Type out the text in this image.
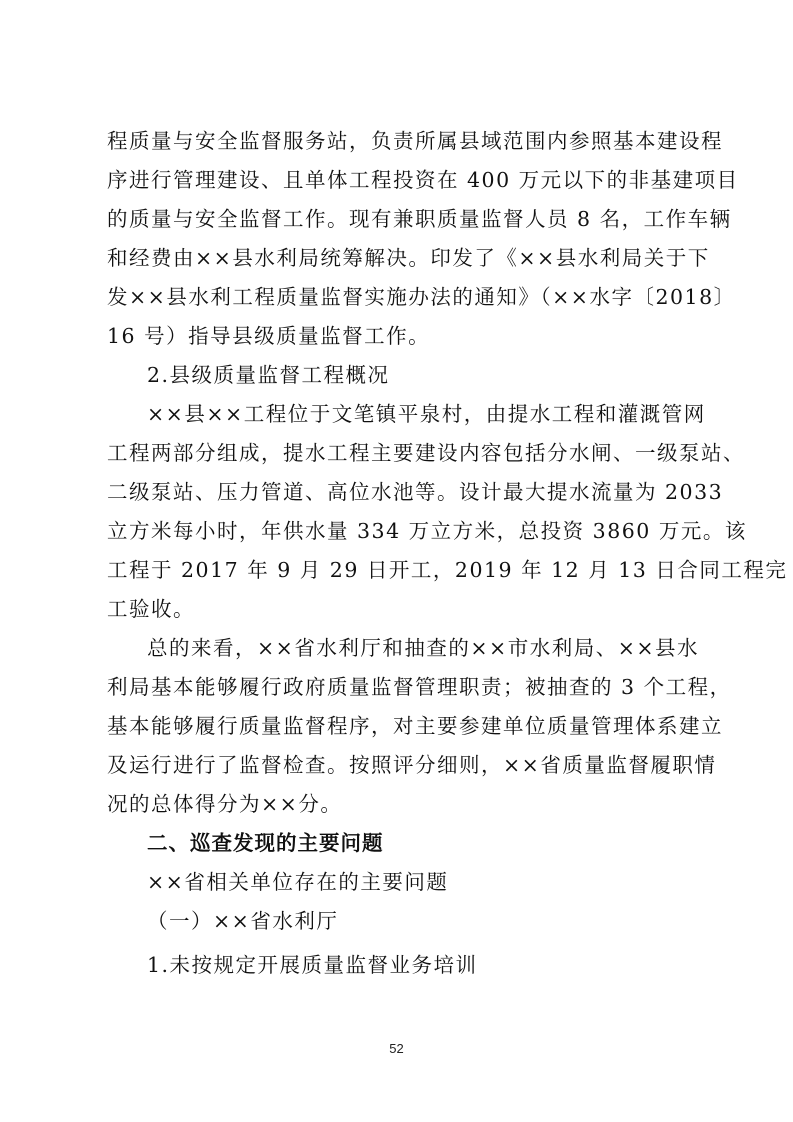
程质量与安全监督服务站，负责所属县域范围内参照基本建设程
序进行管理建设、且单体工程投资在 400 万元以下的非基建项目
的质量与安全监督工作。现有兼职质量监督人员 8 名，工作车辆
和经费由××县水利局统筹解决。印发了《××县水利局关于下
发××县水利工程质量监督实施办法的通知》（××水字〔2018〕
16 号）指导县级质量监督工作。
2.县级质量监督工程概况
××县××工程位于文笔镇平泉村，由提水工程和灌溉管网
工程两部分组成，提水工程主要建设内容包括分水闸、一级泵站、
二级泵站、压力管道、高位水池等。设计最大提水流量为 2033
立方米每小时，年供水量 334 万立方米，总投资 3860 万元。该
工程于 2017 年 9 月 29 日开工，2019 年 12 月 13 日合同工程完
工验收。
总的来看，××省水利厅和抽查的××市水利局、××县水
利局基本能够履行政府质量监督管理职责；被抽查的 3 个工程，
基本能够履行质量监督程序，对主要参建单位质量管理体系建立
及运行进行了监督检查。按照评分细则，××省质量监督履职情
况的总体得分为××分。
二、巡查发现的主要问题
××省相关单位存在的主要问题
（一）××省水利厅
1.未按规定开展质量监督业务培训
52
